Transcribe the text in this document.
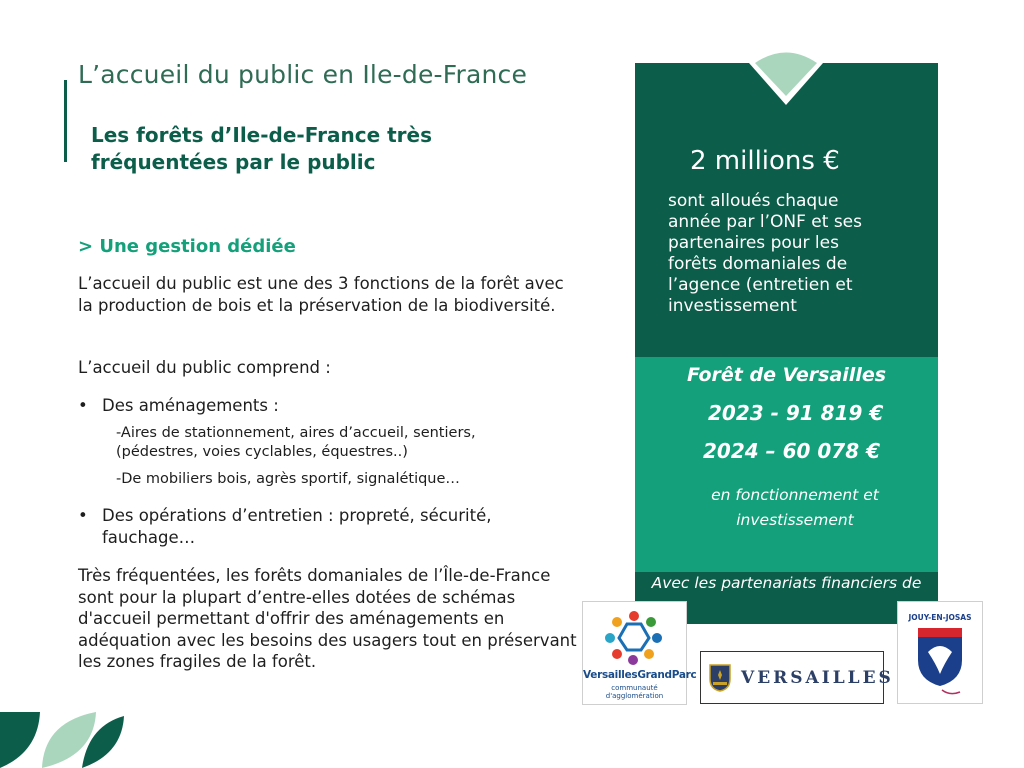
L’accueil du public en Ile-de-France
Les forêts d’Ile-de-France très
fréquentées par le public
> Une gestion dédiée
L’accueil du public est une des 3 fonctions de la forêt avec la production de bois et la préservation de la biodiversité.
L’accueil du public comprend :
• Des aménagements :
-Aires de stationnement, aires d’accueil, sentiers,
(pédestres, voies cyclables, équestres..)
-De mobiliers bois, agrès sportif, signalétique…
• Des opérations d’entretien : propreté, sécurité, fauchage…
Très fréquentées, les forêts domaniales de l’Île-de-France sont pour la plupart d’entre-elles dotées de schémas d'accueil permettant d'offrir des aménagements en adéquation avec les besoins des usagers tout en préservant les zones fragiles de la forêt.
2 millions €
sont alloués chaque année par l’ONF et ses partenaires pour les forêts domaniales de l’agence (entretien et investissement
Forêt de Versailles
2023 - 91 819 €
2024 – 60 078 €
en fonctionnement et investissement
Avec les partenariats financiers de
VersaillesGrandParc
communauté d'agglomération
VERSAILLES
JOUY-EN-JOSAS
